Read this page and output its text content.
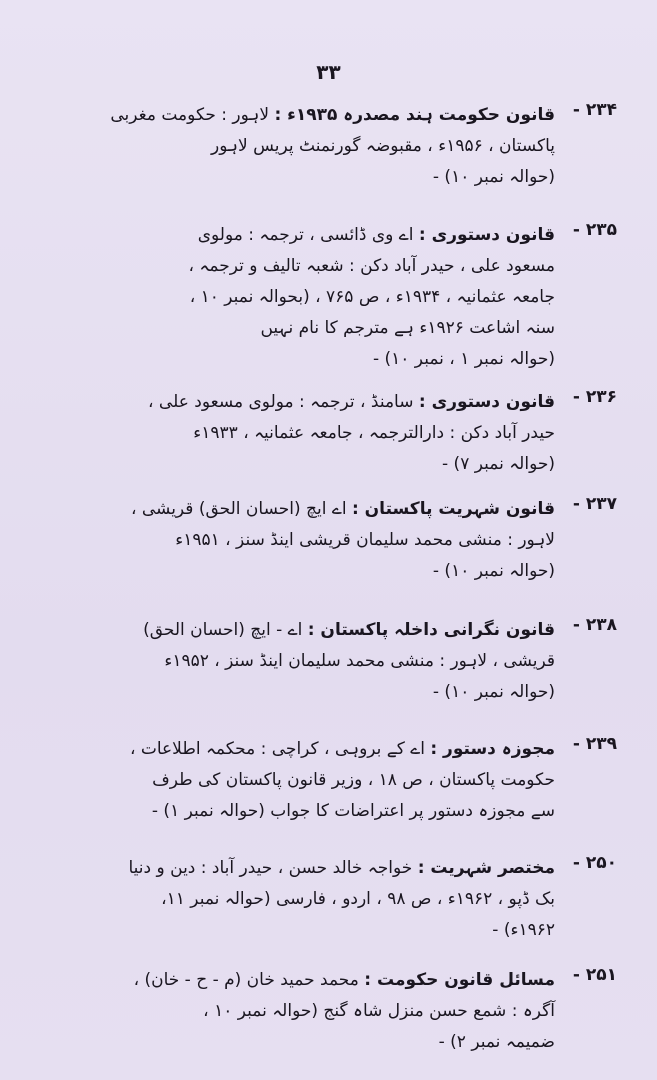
۳۳
۲۳۴ -
قانون حکومت ہند مصدرہ ۱۹۳۵ء : لاہور : حکومت مغربی
پاکستان ، ۱۹۵۶ء ، مقبوضہ گورنمنٹ پریس لاہور
(حوالہ نمبر ۱۰) -
۲۳۵ -
قانون دستوری : اے وی ڈائسی ، ترجمہ : مولوی
مسعود علی ، حیدر آباد دکن : شعبہ تالیف و ترجمہ ،
جامعہ عثمانیہ ، ۱۹۳۴ء ، ص ۷۶۵ ، (بحوالہ نمبر ۱۰ ،
سنہ اشاعت ۱۹۲۶ء ہے مترجم کا نام نہیں
(حوالہ نمبر ۱ ، نمبر ۱۰) -
۲۳۶ -
قانون دستوری : سامنڈ ، ترجمہ : مولوی مسعود علی ،
حیدر آباد دکن : دارالترجمہ ، جامعہ عثمانیہ ، ۱۹۳۳ء
(حوالہ نمبر ۷) -
۲۳۷ -
قانون شہریت پاکستان : اے ایچ (احسان الحق) قریشی ،
لاہور : منشی محمد سلیمان قریشی اینڈ سنز ، ۱۹۵۱ء
(حوالہ نمبر ۱۰) -
۲۳۸ -
قانون نگرانی داخلہ پاکستان : اے - ایچ (احسان الحق)
قریشی ، لاہور : منشی محمد سلیمان اینڈ سنز ، ۱۹۵۲ء
(حوالہ نمبر ۱۰) -
۲۳۹ -
مجوزہ دستور : اے کے بروہی ، کراچی : محکمہ اطلاعات ،
حکومت پاکستان ، ص ۱۸ ، وزیر قانون پاکستان کی طرف
سے مجوزہ دستور پر اعتراضات کا جواب (حوالہ نمبر ۱) -
۲۵۰ -
مختصر شہریت : خواجہ خالد حسن ، حیدر آباد : دین و دنیا
بک ڈپو ، ۱۹۶۲ء ، ص ۹۸ ، اردو ، فارسی (حوالہ نمبر ۱۱،
۱۹۶۲ء) -
۲۵۱ -
مسائل قانون حکومت : محمد حمید خان (م - ح - خان) ،
آگرہ : شمع حسن منزل شاہ گنج (حوالہ نمبر ۱۰ ،
ضمیمہ نمبر ۲) -
